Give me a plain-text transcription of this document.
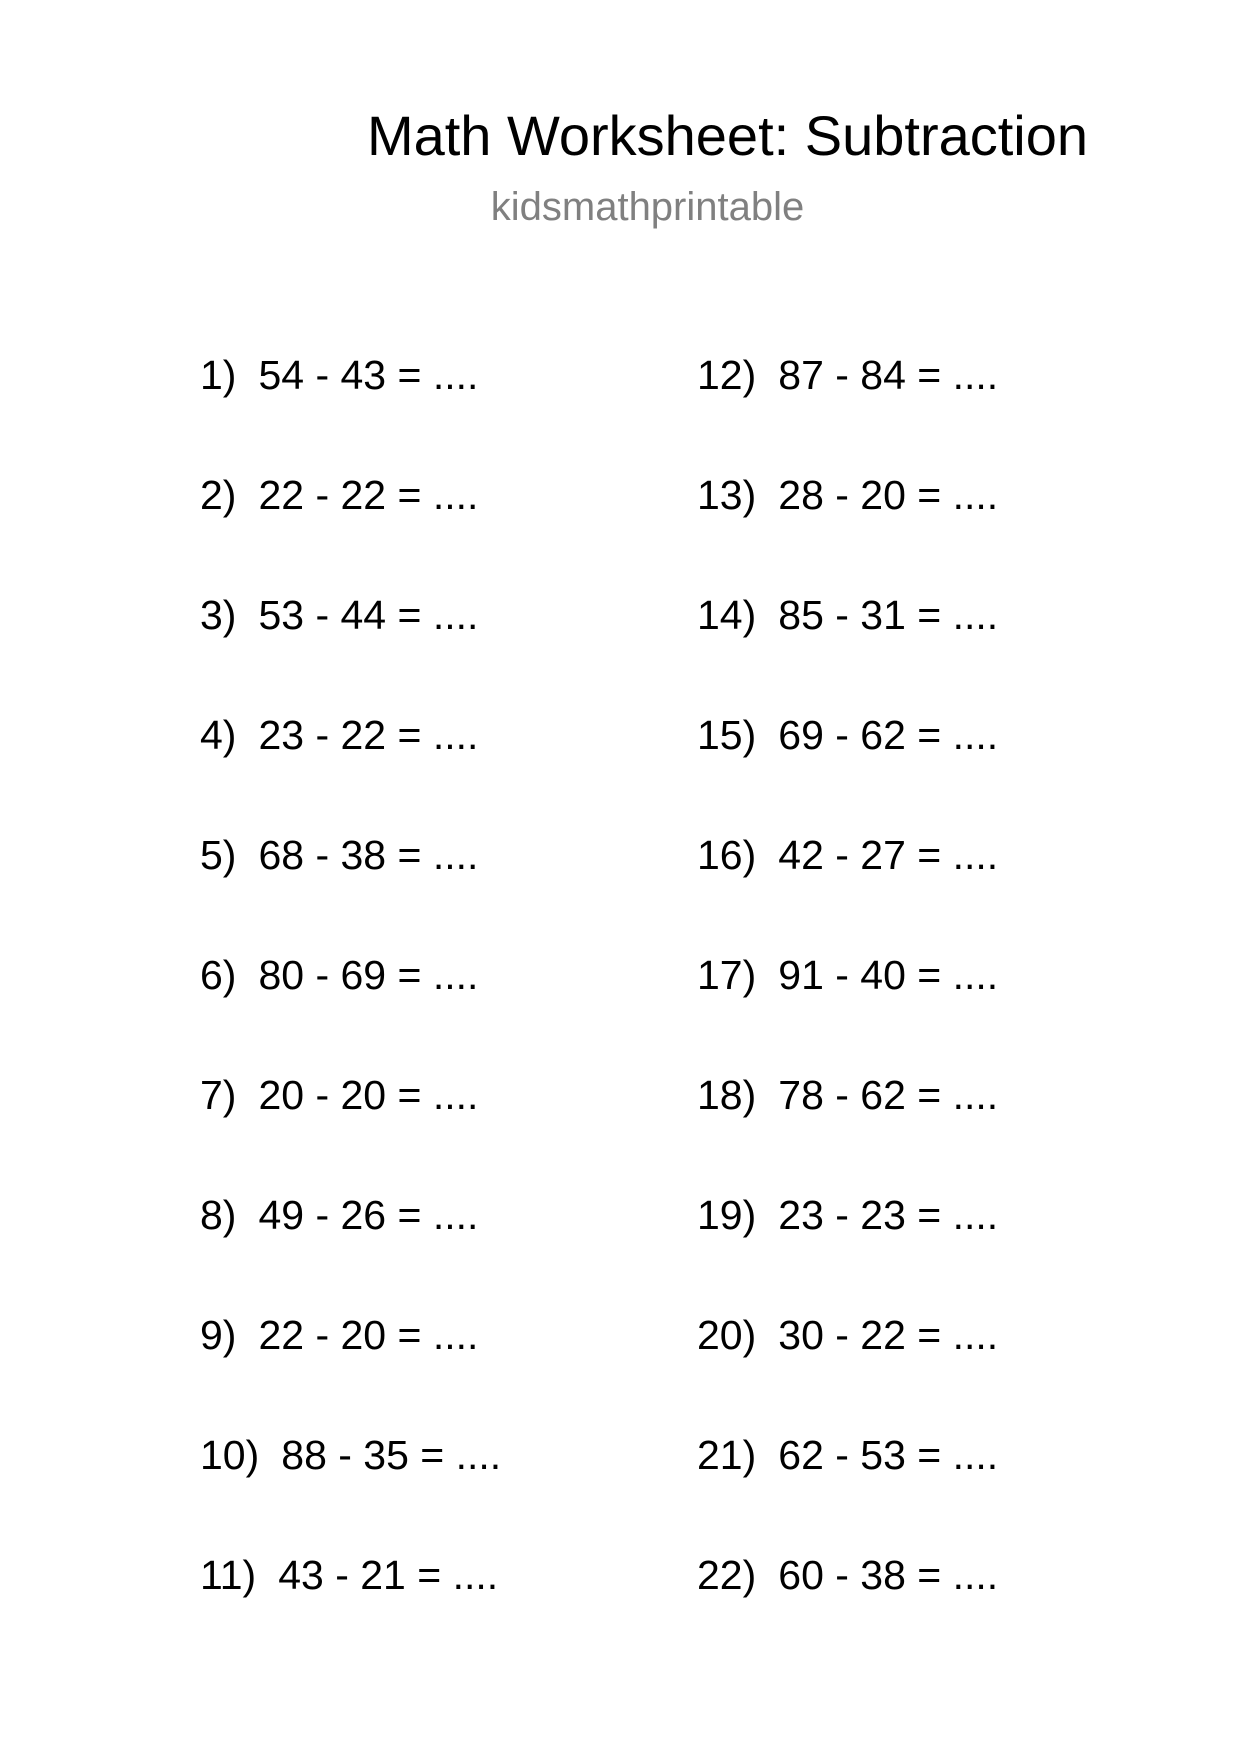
Math Worksheet: Subtraction
kidsmathprintable
1) 54 - 43 = ....
2) 22 - 22 = ....
3) 53 - 44 = ....
4) 23 - 22 = ....
5) 68 - 38 = ....
6) 80 - 69 = ....
7) 20 - 20 = ....
8) 49 - 26 = ....
9) 22 - 20 = ....
10) 88 - 35 = ....
11) 43 - 21 = ....
12) 87 - 84 = ....
13) 28 - 20 = ....
14) 85 - 31 = ....
15) 69 - 62 = ....
16) 42 - 27 = ....
17) 91 - 40 = ....
18) 78 - 62 = ....
19) 23 - 23 = ....
20) 30 - 22 = ....
21) 62 - 53 = ....
22) 60 - 38 = ....
